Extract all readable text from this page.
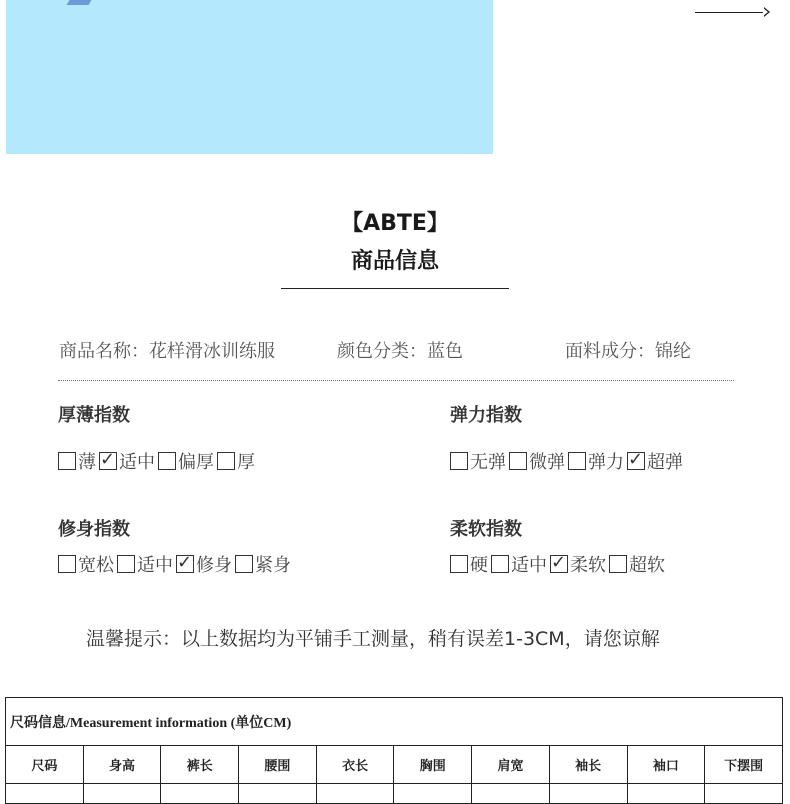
【ABTE】
商品信息
商品名称：花样滑冰训练服	颜色分类：蓝色	面料成分：锦纶
厚薄指数
薄 ✓ 适中 偏厚 厚
弹力指数
无弹 微弹 弹力 ✓ 超弹
修身指数
宽松 适中 ✓ 修身 紧身
柔软指数
硬 适中 ✓ 柔软 超软
温馨提示：以上数据均为平铺手工测量，稍有误差1-3CM，请您谅解
尺码信息/Measurement information (单位CM)									
尺码	身高	裤长	腰围	衣长	胸围	肩宽	袖长	袖口	下摆围
